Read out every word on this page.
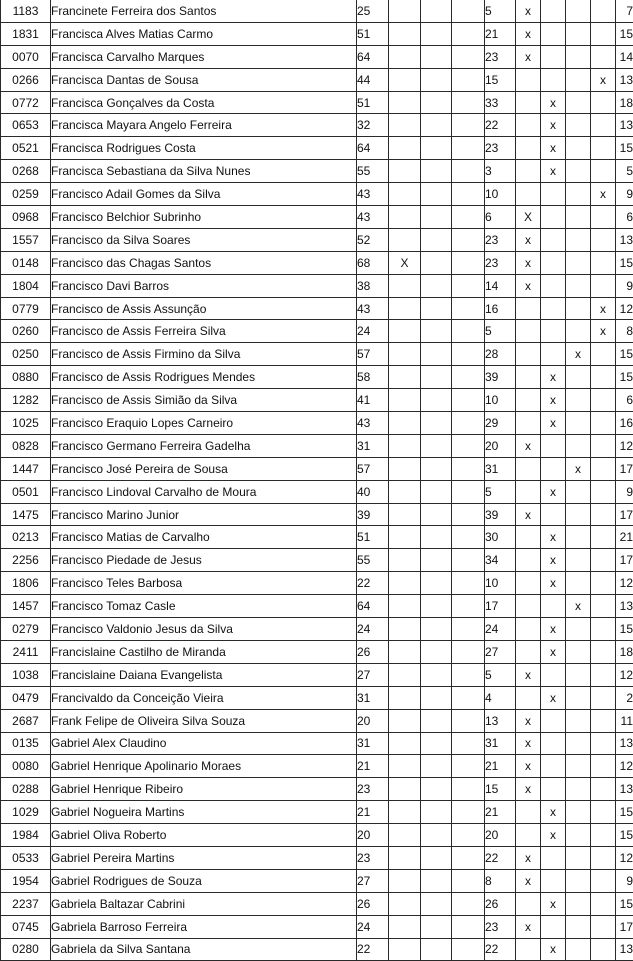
1183	Francinete Ferreira dos Santos	25				5	x				7
1831	Francisca Alves Matias Carmo	51				21	x				15
0070	Francisca Carvalho Marques	64				23	x				14
0266	Francisca Dantas de Sousa	44				15				x	13
0772	Francisca Gonçalves da Costa	51				33		x			18
0653	Francisca Mayara Angelo Ferreira	32				22		x			13
0521	Francisca Rodrigues Costa	64				23		x			15
0268	Francisca Sebastiana da Silva Nunes	55				3		x			5
0259	Francisco Adail Gomes da Silva	43				10				x	9
0968	Francisco Belchior Subrinho	43				6	X				6
1557	Francisco da Silva Soares	52				23	x				13
0148	Francisco das Chagas Santos	68	X			23	x				15
1804	Francisco Davi Barros	38				14	x				9
0779	Francisco de Assis Assunção	43				16				x	12
0260	Francisco de Assis Ferreira Silva	24				5				x	8
0250	Francisco de Assis Firmino da Silva	57				28			x		15
0880	Francisco de Assis Rodrigues Mendes	58				39		x			15
1282	Francisco de Assis Simião da Silva	41				10		x			6
1025	Francisco Eraquio Lopes Carneiro	43				29		x			16
0828	Francisco Germano Ferreira Gadelha	31				20	x				12
1447	Francisco José Pereira de Sousa	57				31			x		17
0501	Francisco Lindoval Carvalho de Moura	40				5		x			9
1475	Francisco Marino Junior	39				39	x				17
0213	Francisco Matias de Carvalho	51				30		x			21
2256	Francisco Piedade de Jesus	55				34		x			17
1806	Francisco Teles Barbosa	22				10		x			12
1457	Francisco Tomaz Casle	64				17			x		13
0279	Francisco Valdonio Jesus da Silva	24				24		x			15
2411	Francislaine Castilho de Miranda	26				27		x			18
1038	Francislaine Daiana Evangelista	27				5	x				12
0479	Francivaldo da Conceição Vieira	31				4		x			2
2687	Frank Felipe de Oliveira Silva Souza	20				13	x				11
0135	Gabriel Alex Claudino	31				31	x				13
0080	Gabriel Henrique Apolinario Moraes	21				21	x				12
0288	Gabriel Henrique Ribeiro	23				15	x				13
1029	Gabriel Nogueira Martins	21				21		x			15
1984	Gabriel Oliva Roberto	20				20		x			15
0533	Gabriel Pereira Martins	23				22	x				12
1954	Gabriel Rodrigues de Souza	27				8	x				9
2237	Gabriela Baltazar Cabrini	26				26		x			15
0745	Gabriela Barroso Ferreira	24				23	x				17
0280	Gabriela da Silva Santana	22				22		x			13
